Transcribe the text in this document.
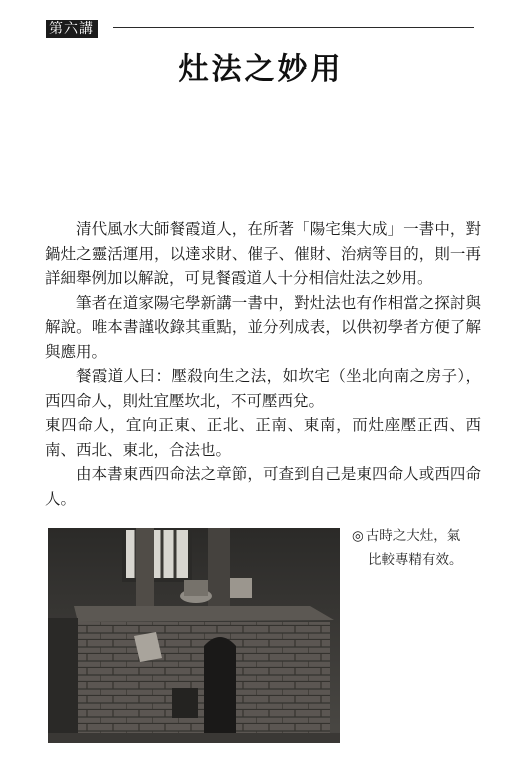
第六講
灶法之妙用

清代風水大師餐霞道人，在所著「陽宅集大成」一書中，對鍋灶之靈活運用，以達求財、催子、催財、治病等目的，則一再詳細舉例加以解說，可見餐霞道人十分相信灶法之妙用。

筆者在道家陽宅學新講一書中，對灶法也有作相當之探討與解說。唯本書謹收錄其重點，並分列成表，以供初學者方便了解與應用。

餐霞道人曰：壓殺向生之法，如坎宅（坐北向南之房子），西四命人，則灶宜壓坎北，不可壓西兌。

東四命人，宜向正東、正北、正南、東南，而灶座壓正西、西南、西北、東北，合法也。

由本書東西四命法之章節，可查到自己是東四命人或西四命人。

◎ 古時之大灶，氣
比較專精有效。
